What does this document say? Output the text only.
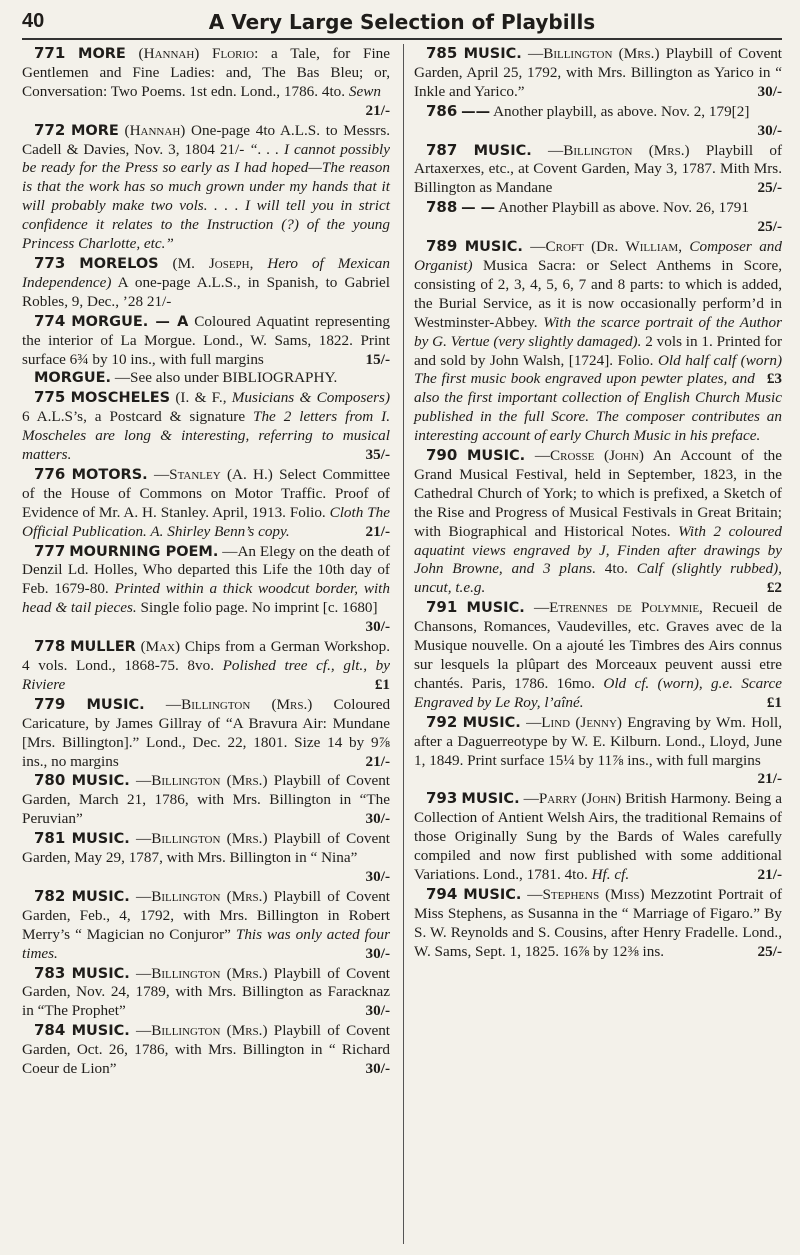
40	A Very Large Selection of Playbills
771 MORE (Hannah) Florio: a Tale, for Fine Gentlemen and Fine Ladies: and, The Bas Bleu; or, Conversation: Two Poems. 1st edn. Lond., 1786. 4to. Sewn
21/-
772 MORE (Hannah) One-page 4to A.L.S. to Messrs. Cadell & Davies, Nov. 3, 1804 21/- “. . . I cannot possibly be ready for the Press so early as I had hoped—The reason is that the work has so much grown under my hands that it will probably make two vols. . . . I will tell you in strict confidence it relates to the Instruction (?) of the young Princess Charlotte, etc.”
773 MORELOS (M. Joseph, Hero of Mexican Independence) A one-page A.L.S., in Spanish, to Gabriel Robles, 9, Dec., ’28 21/-
774 MORGUE. — A Coloured Aquatint representing the interior of La Morgue. Lond., W. Sams, 1822. Print surface 6¾ by 10 ins., with full margins	15/-
MORGUE. —See also under BIBLIOGRAPHY.
775 MOSCHELES (I. & F., Musicians & Composers) 6 A.L.S’s, a Postcard & signature The 2 letters from I. Moscheles are long & interesting, referring to musical matters.	35/-
776 MOTORS. —Stanley (A. H.) Select Committee of the House of Commons on Motor Traffic. Proof of Evidence of Mr. A. H. Stanley. April, 1913. Folio. Cloth The Official Publication. A. Shirley Benn’s copy.	21/-
777 MOURNING POEM. —An Elegy on the death of Denzil Ld. Holles, Who departed this Life the 10th day of Feb. 1679-80. Printed within a thick woodcut border, with head & tail pieces. Single folio page. No imprint [c. 1680]
30/-
778 MULLER (Max) Chips from a German Workshop. 4 vols. Lond., 1868-75. 8vo. Polished tree cf., glt., by Riviere	£1
779 MUSIC. —Billington (Mrs.) Coloured Caricature, by James Gillray of “A Bravura Air: Mundane [Mrs. Billington].” Lond., Dec. 22, 1801. Size 14 by 9⅞ ins., no margins	21/-
780 MUSIC. —Billington (Mrs.) Playbill of Covent Garden, March 21, 1786, with Mrs. Billington in “The Peruvian”	30/-
781 MUSIC. —Billington (Mrs.) Playbill of Covent Garden, May 29, 1787, with Mrs. Billington in “ Nina”
30/-
782 MUSIC. —Billington (Mrs.) Playbill of Covent Garden, Feb., 4, 1792, with Mrs. Billington in Robert Merry’s “ Magician no Conjuror” This was only acted four times.	30/-
783 MUSIC. —Billington (Mrs.) Playbill of Covent Garden, Nov. 24, 1789, with Mrs. Billington as Faracknaz in “The Prophet”	30/-
784 MUSIC. —Billington (Mrs.) Playbill of Covent Garden, Oct. 26, 1786, with Mrs. Billington in “ Richard Coeur de Lion”	30/-
785 MUSIC. —Billington (Mrs.) Playbill of Covent Garden, April 25, 1792, with Mrs. Billington as Yarico in “ Inkle and Yarico.”	30/-
786 —— Another playbill, as above. Nov. 2, 179[2]
30/-
787 MUSIC. —Billington (Mrs.) Playbill of Artaxerxes, etc., at Covent Garden, May 3, 1787. Mith Mrs. Billington as Mandane	25/-
788 — — Another Playbill as above. Nov. 26, 1791
25/-
789 MUSIC. —Croft (Dr. William, Composer and Organist) Musica Sacra: or Select Anthems in Score, consisting of 2, 3, 4, 5, 6, 7 and 8 parts: to which is added, the Burial Service, as it is now occasionally perform’d in Westminster-Abbey. With the scarce portrait of the Author by G. Vertue (very slightly damaged). 2 vols in 1. Printed for and sold by John Walsh, [1724]. Folio. Old half calf (worn)
£3
The first music book engraved upon pewter plates, and also the first important collection of English Church Music published in the full Score. The composer contributes an interesting account of early Church Music in his preface.
790 MUSIC. —Crosse (John) An Account of the Grand Musical Festival, held in September, 1823, in the Cathedral Church of York; to which is prefixed, a Sketch of the Rise and Progress of Musical Festivals in Great Britain; with Biographical and Historical Notes. With 2 coloured aquatint views engraved by J, Finden after drawings by John Browne, and 3 plans. 4to. Calf (slightly rubbed), uncut, t.e.g.	£2
791 MUSIC. —Etrennes de Polymnie, Recueil de Chansons, Romances, Vaudevilles, etc. Graves avec de la Musique nouvelle. On a ajouté les Timbres des Airs connus sur lesquels la plûpart des Morceaux peuvent aussi etre chantés. Paris, 1786. 16mo. Old cf. (worn), g.e. Scarce Engraved by Le Roy, l’aîné.	£1
792 MUSIC. —Lind (Jenny) Engraving by Wm. Holl, after a Daguerreotype by W. E. Kilburn. Lond., Lloyd, June 1, 1849. Print surface 15¼ by 11⅞ ins., with full margins
21/-
793 MUSIC. —Parry (John) British Harmony. Being a Collection of Antient Welsh Airs, the traditional Remains of those Originally Sung by the Bards of Wales carefully compiled and now first published with some additional Variations. Lond., 1781. 4to. Hf. cf.	21/-
794 MUSIC. —Stephens (Miss) Mezzotint Portrait of Miss Stephens, as Susanna in the “ Marriage of Figaro.” By S. W. Reynolds and S. Cousins, after Henry Fradelle. Lond., W. Sams, Sept. 1, 1825. 16⅞ by 12⅜ ins.	25/-
